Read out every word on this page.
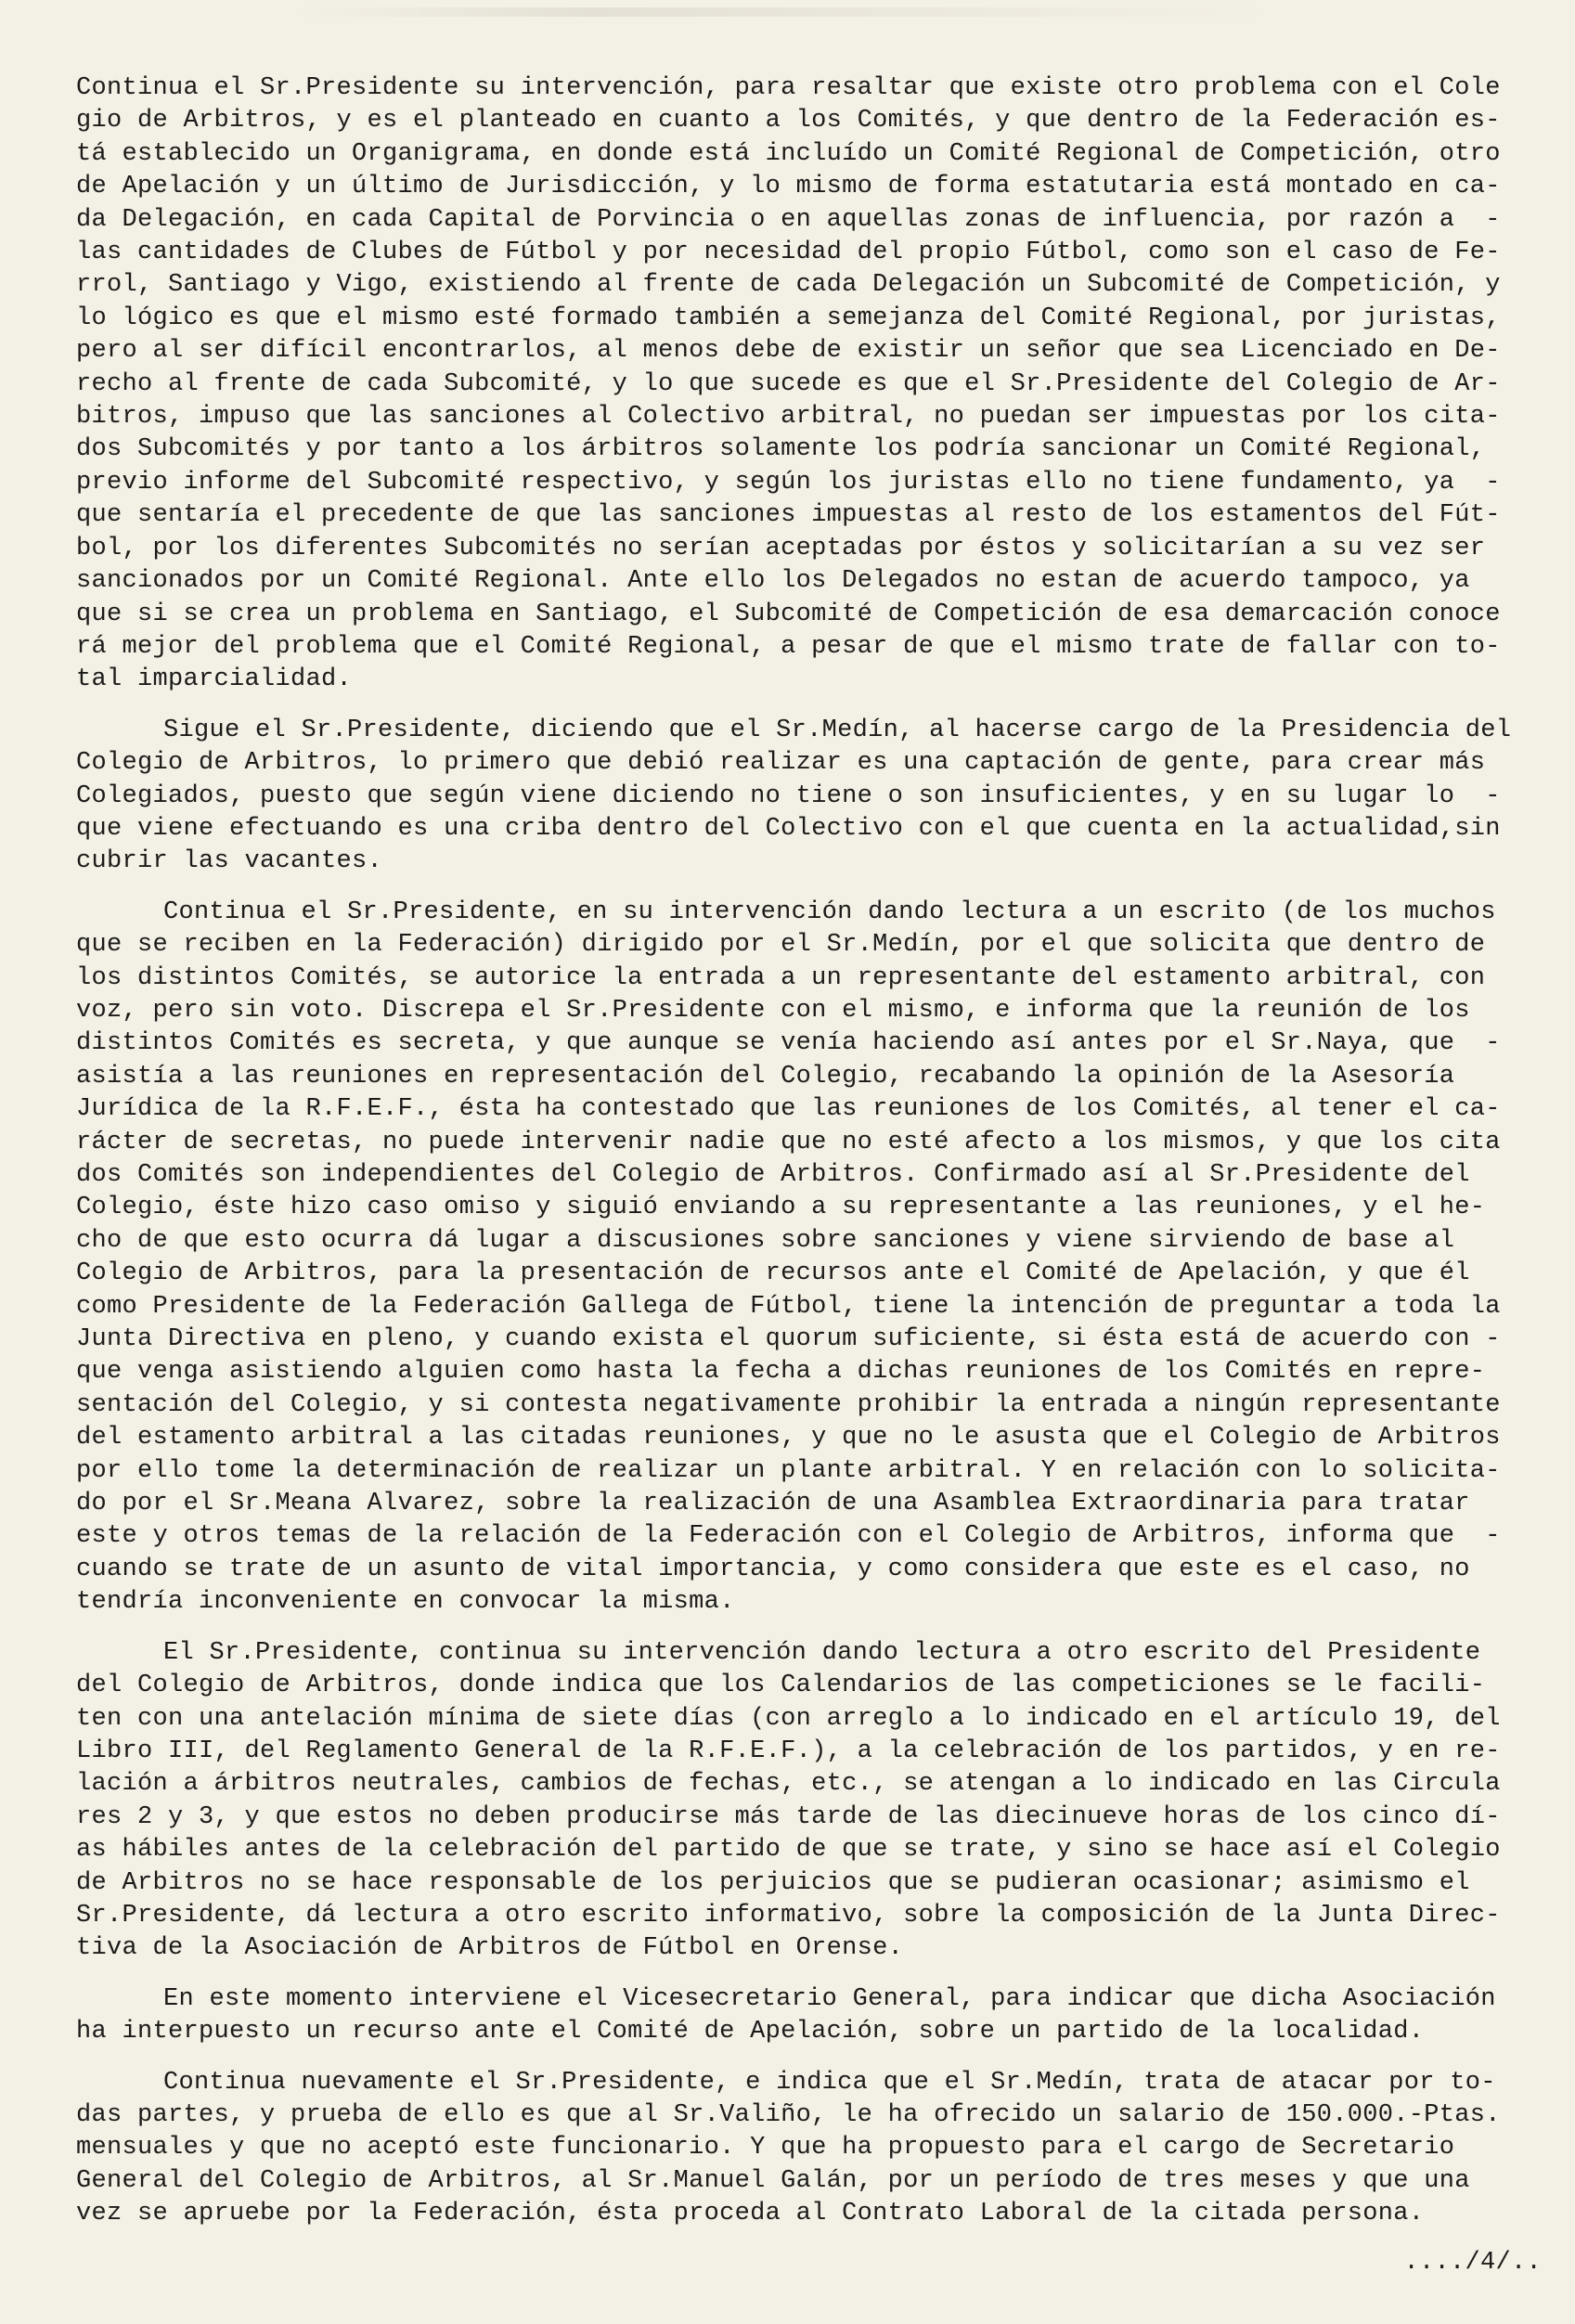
Continua el Sr.Presidente su intervención, para resaltar que existe otro problema con el Cole
gio de Arbitros, y es el planteado en cuanto a los Comités, y que dentro de la Federación es-
tá establecido un Organigrama, en donde está incluído un Comité Regional de Competición, otro
de Apelación y un último de Jurisdicción, y lo mismo de forma estatutaria está montado en ca-
da Delegación, en cada Capital de Porvincia o en aquellas zonas de influencia, por razón a  -
las cantidades de Clubes de Fútbol y por necesidad del propio Fútbol, como son el caso de Fe-
rrol, Santiago y Vigo, existiendo al frente de cada Delegación un Subcomité de Competición, y
lo lógico es que el mismo esté formado también a semejanza del Comité Regional, por juristas,
pero al ser difícil encontrarlos, al menos debe de existir un señor que sea Licenciado en De-
recho al frente de cada Subcomité, y lo que sucede es que el Sr.Presidente del Colegio de Ar-
bitros, impuso que las sanciones al Colectivo arbitral, no puedan ser impuestas por los cita-
dos Subcomités y por tanto a los árbitros solamente los podría sancionar un Comité Regional,
previo informe del Subcomité respectivo, y según los juristas ello no tiene fundamento, ya  -
que sentaría el precedente de que las sanciones impuestas al resto de los estamentos del Fút-
bol, por los diferentes Subcomités no serían aceptadas por éstos y solicitarían a su vez ser
sancionados por un Comité Regional. Ante ello los Delegados no estan de acuerdo tampoco, ya
que si se crea un problema en Santiago, el Subcomité de Competición de esa demarcación conoce
rá mejor del problema que el Comité Regional, a pesar de que el mismo trate de fallar con to-
tal imparcialidad.
Sigue el Sr.Presidente, diciendo que el Sr.Medín, al hacerse cargo de la Presidencia del
Colegio de Arbitros, lo primero que debió realizar es una captación de gente, para crear más
Colegiados, puesto que según viene diciendo no tiene o son insuficientes, y en su lugar lo  -
que viene efectuando es una criba dentro del Colectivo con el que cuenta en la actualidad,sin
cubrir las vacantes.
Continua el Sr.Presidente, en su intervención dando lectura a un escrito (de los muchos
que se reciben en la Federación) dirigido por el Sr.Medín, por el que solicita que dentro de
los distintos Comités, se autorice la entrada a un representante del estamento arbitral, con
voz, pero sin voto. Discrepa el Sr.Presidente con el mismo, e informa que la reunión de los
distintos Comités es secreta, y que aunque se venía haciendo así antes por el Sr.Naya, que  -
asistía a las reuniones en representación del Colegio, recabando la opinión de la Asesoría
Jurídica de la R.F.E.F., ésta ha contestado que las reuniones de los Comités, al tener el ca-
rácter de secretas, no puede intervenir nadie que no esté afecto a los mismos, y que los cita
dos Comités son independientes del Colegio de Arbitros. Confirmado así al Sr.Presidente del
Colegio, éste hizo caso omiso y siguió enviando a su representante a las reuniones, y el he-
cho de que esto ocurra dá lugar a discusiones sobre sanciones y viene sirviendo de base al
Colegio de Arbitros, para la presentación de recursos ante el Comité de Apelación, y que él
como Presidente de la Federación Gallega de Fútbol, tiene la intención de preguntar a toda la
Junta Directiva en pleno, y cuando exista el quorum suficiente, si ésta está de acuerdo con -
que venga asistiendo alguien como hasta la fecha a dichas reuniones de los Comités en repre-
sentación del Colegio, y si contesta negativamente prohibir la entrada a ningún representante
del estamento arbitral a las citadas reuniones, y que no le asusta que el Colegio de Arbitros
por ello tome la determinación de realizar un plante arbitral. Y en relación con lo solicita-
do por el Sr.Meana Alvarez, sobre la realización de una Asamblea Extraordinaria para tratar
este y otros temas de la relación de la Federación con el Colegio de Arbitros, informa que  -
cuando se trate de un asunto de vital importancia, y como considera que este es el caso, no
tendría inconveniente en convocar la misma.
El Sr.Presidente, continua su intervención dando lectura a otro escrito del Presidente
del Colegio de Arbitros, donde indica que los Calendarios de las competiciones se le facili-
ten con una antelación mínima de siete días (con arreglo a lo indicado en el artículo 19, del
Libro III, del Reglamento General de la R.F.E.F.), a la celebración de los partidos, y en re-
lación a árbitros neutrales, cambios de fechas, etc., se atengan a lo indicado en las Circula
res 2 y 3, y que estos no deben producirse más tarde de las diecinueve horas de los cinco dí-
as hábiles antes de la celebración del partido de que se trate, y sino se hace así el Colegio
de Arbitros no se hace responsable de los perjuicios que se pudieran ocasionar; asimismo el
Sr.Presidente, dá lectura a otro escrito informativo, sobre la composición de la Junta Direc-
tiva de la Asociación de Arbitros de Fútbol en Orense.
En este momento interviene el Vicesecretario General, para indicar que dicha Asociación
ha interpuesto un recurso ante el Comité de Apelación, sobre un partido de la localidad.
Continua nuevamente el Sr.Presidente, e indica que el Sr.Medín, trata de atacar por to-
das partes, y prueba de ello es que al Sr.Valiño, le ha ofrecido un salario de 150.000.-Ptas.
mensuales y que no aceptó este funcionario. Y que ha propuesto para el cargo de Secretario
General del Colegio de Arbitros, al Sr.Manuel Galán, por un período de tres meses y que una
vez se apruebe por la Federación, ésta proceda al Contrato Laboral de la citada persona.
..../4/..
